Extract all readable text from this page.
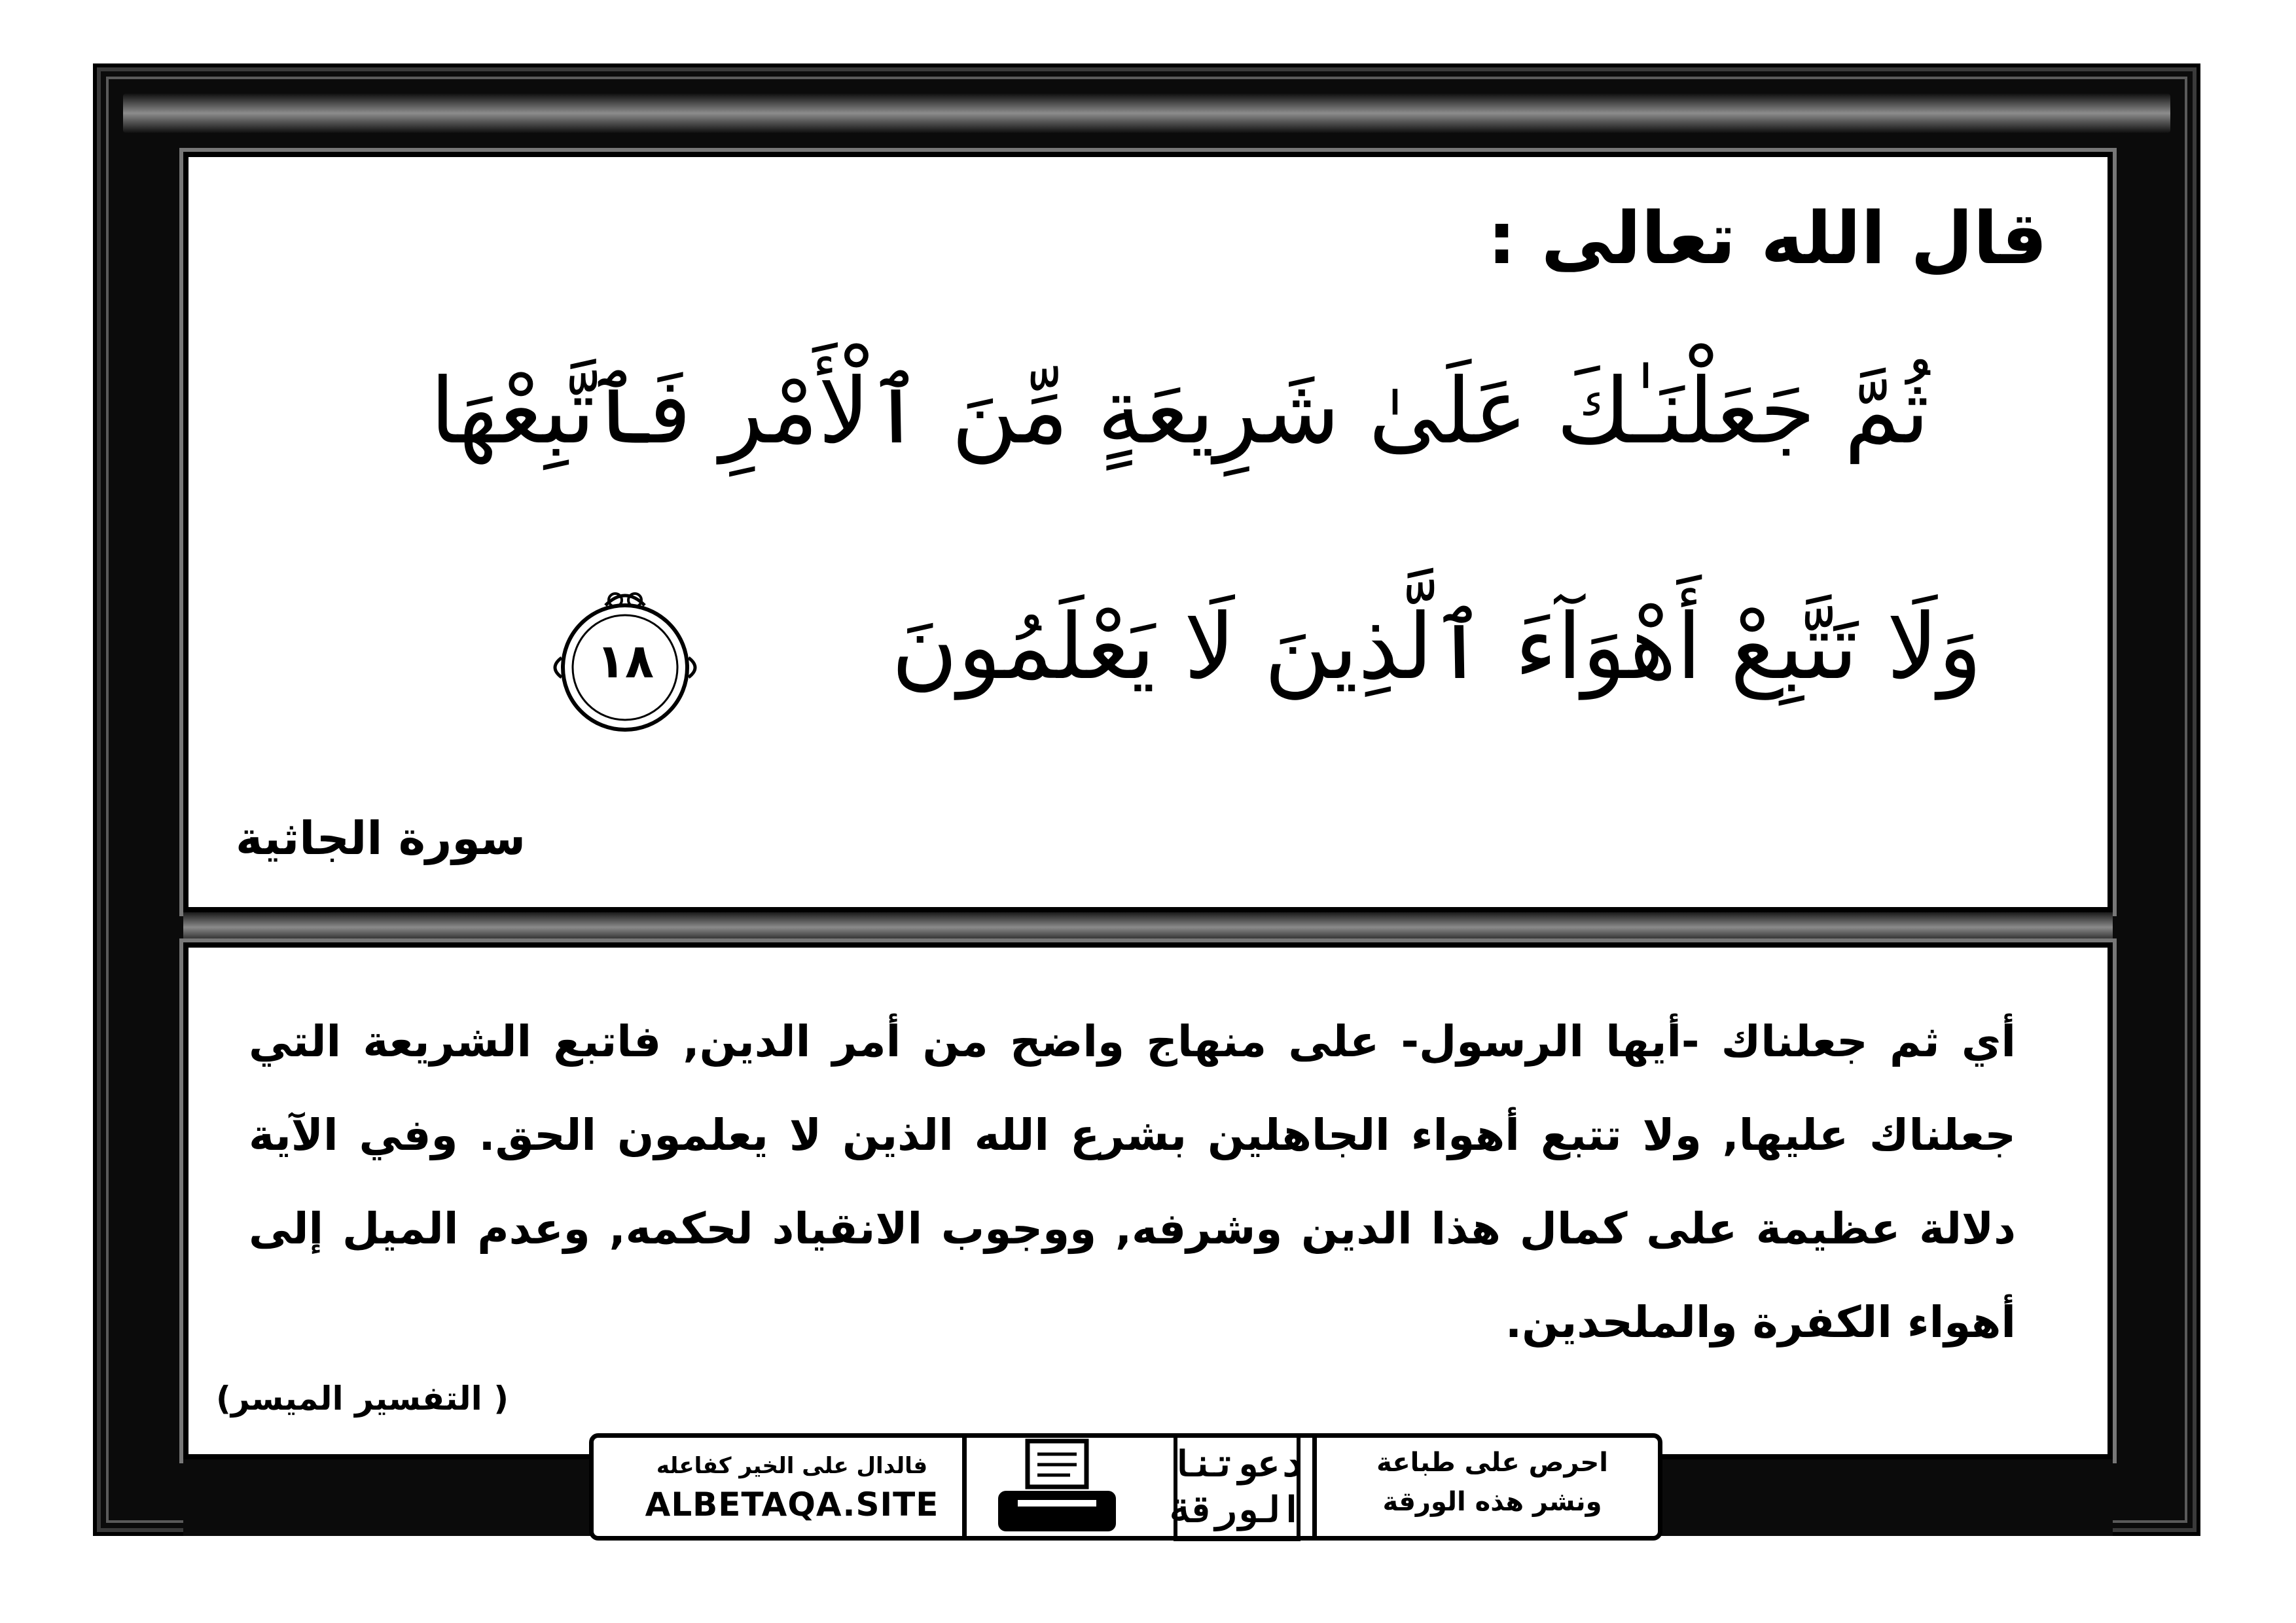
قال الله تعالى :
ثُمَّ جَعَلْنَـٰكَ عَلَىٰ شَرِيعَةٍ مِّنَ ٱلْأَمْرِ فَٱتَّبِعْهَا
وَلَا تَتَّبِعْ أَهْوَآءَ ٱلَّذِينَ لَا يَعْلَمُونَ
١٨
سورة الجاثية
أي ثم جعلناك -أيها الرسول- على منهاج واضح من أمر الدين, فاتبع الشريعة التي جعلناك عليها, ولا تتبع أهواء الجاهلين بشرع الله الذين لا يعلمون الحق. وفي الآية دلالة عظيمة على كمال هذا الدين وشرفه, ووجوب الانقياد لحكمه, وعدم الميل إلى أهواء الكفرة والملحدين.
( التفسير الميسر)
فالدال على الخير كفاعله
ALBETAQA.SITE
دعوتنا
الورقة
احرص على طباعة
ونشر هذه الورقة
